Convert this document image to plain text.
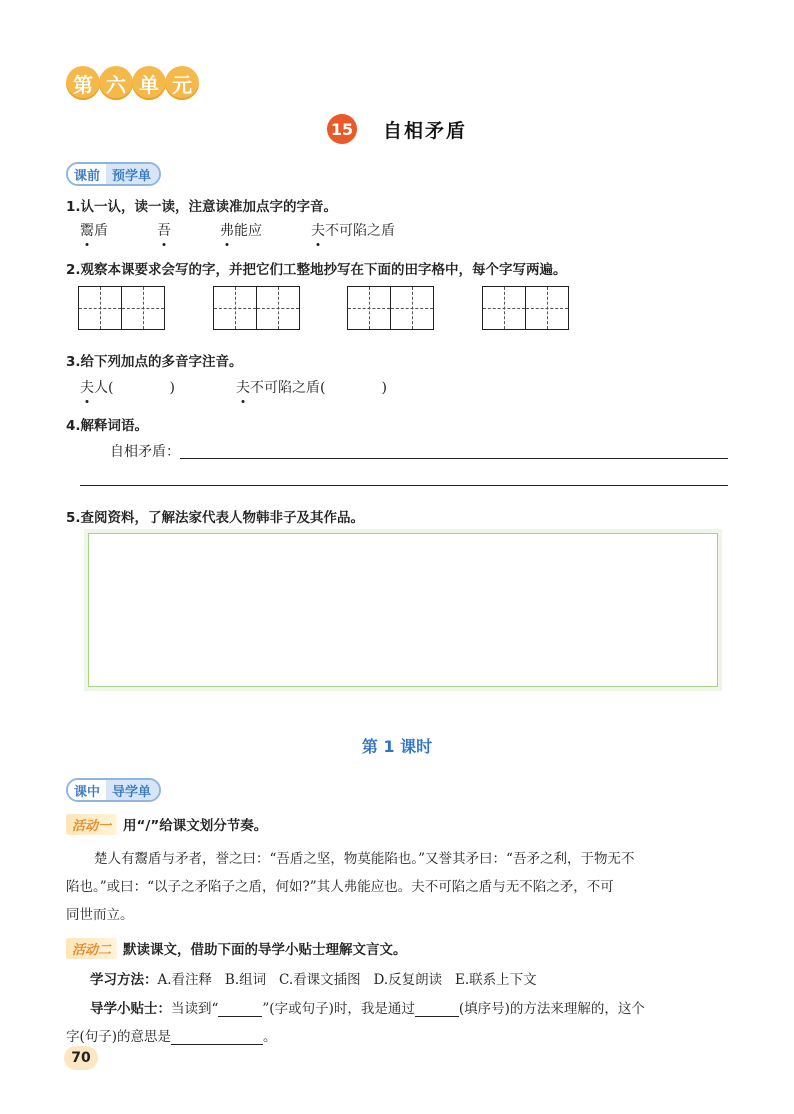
第 六 单 元
15 自相矛盾
课前 预学单
1.认一认，读一读，注意读准加点字的字音。
鬻盾	吾	弗能应	夫不可陷之盾
2.观察本课要求会写的字，并把它们工整地抄写在下面的田字格中，每个字写两遍。
3.给下列加点的多音字注音。
夫人(	)	夫不可陷之盾(	)
4.解释词语。
自相矛盾：
5.查阅资料，了解法家代表人物韩非子及其作品。
第 1 课时
课中 导学单
活动一 用“/”给课文划分节奏。
楚人有鬻盾与矛者，誉之曰：“吾盾之坚，物莫能陷也。”又誉其矛曰：“吾矛之利，于物无不
陷也。”或曰：“以子之矛陷子之盾，何如?”其人弗能应也。夫不可陷之盾与无不陷之矛，不可
同世而立。
活动二 默读课文，借助下面的导学小贴士理解文言文。
学习方法：A.看注释   B.组词   C.看课文插图   D.反复朗读   E.联系上下文
导学小贴士：当读到“	”(字或句子)时，我是通过	(填序号)的方法来理解的，这个
字(句子)的意思是	。
70
